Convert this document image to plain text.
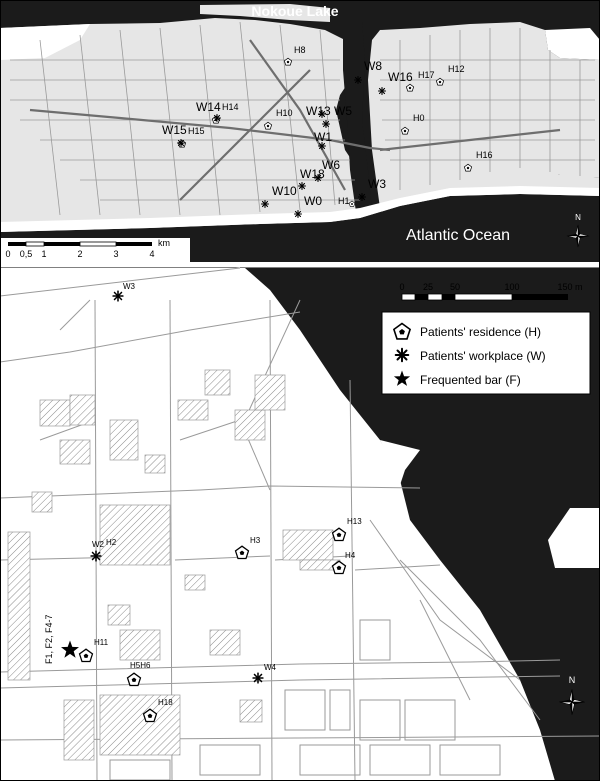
H8
H17
H12
H14
H15
H10	H0
H16
H1
W8
W16
W14
W15
W13 W5
W1
W6
W18
W10
W0
W3
Nokoue Lake
Atlantic Ocean
N
0 0,5 1	2	3	4
km
W3
W2 H2	H3
H13
H4
H11
H5H6	W4
H18
F1, F2, F4-7
0 25 50	100	150 m
Patients' residence (H)
Patients' workplace (W)
Frequented bar (F)
N
